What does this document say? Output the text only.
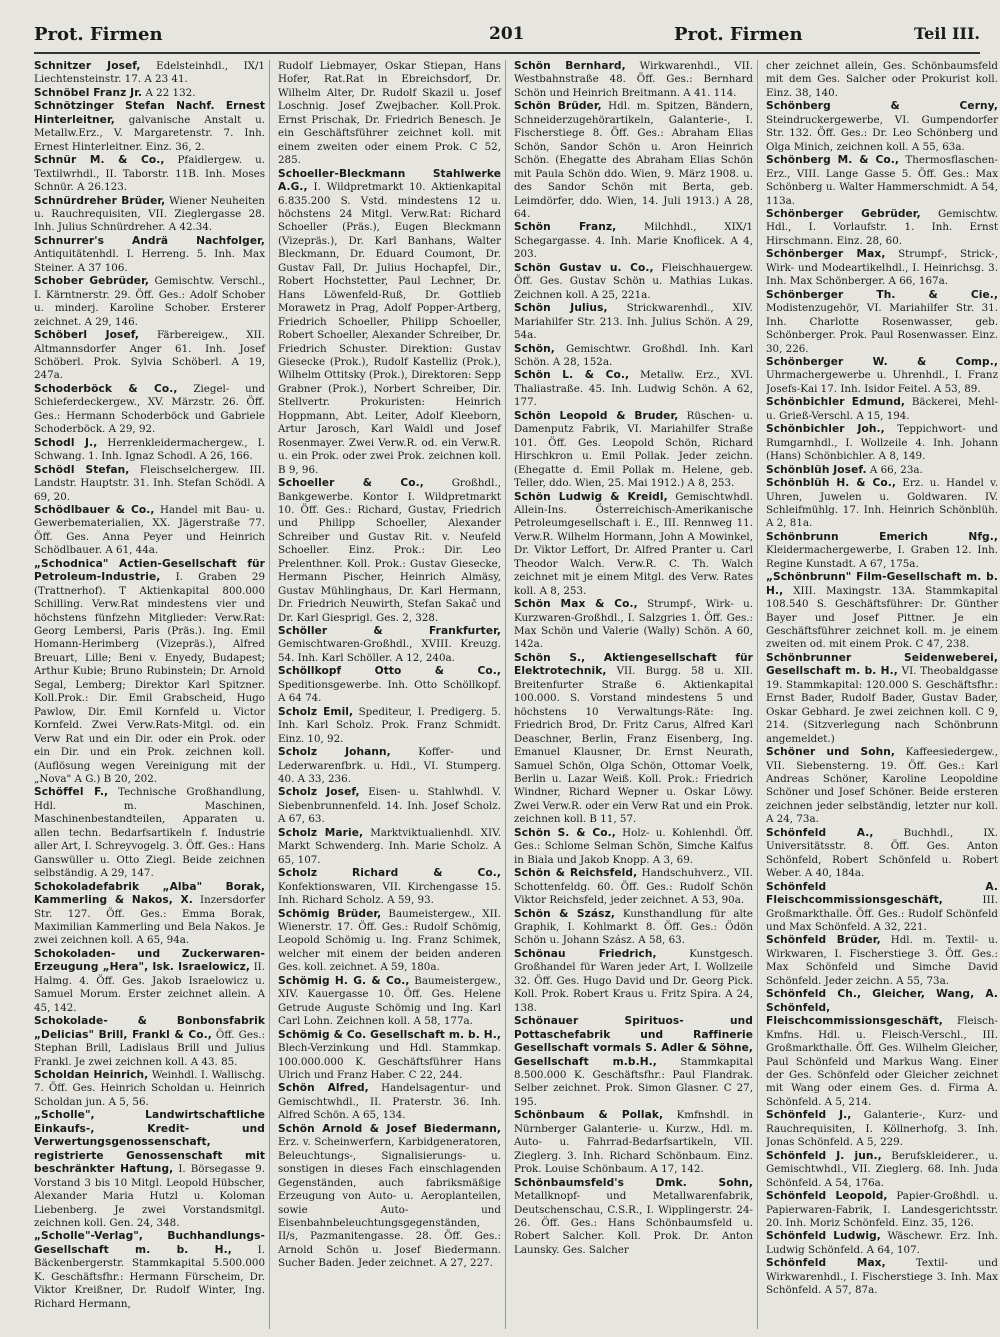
Prot. Firmen	201	Prot. Firmen	Teil III.

Schnitzer Josef, Edelsteinhdl., IX/1 Liechtensteinstr. 17. A 23 41.

Schnöbel Franz Jr. A 22 132.

Schnötzinger Stefan Nachf. Ernest Hinterleitner, galvanische Anstalt u. Metallw.Erz., V. Margaretenstr. 7. Inh. Ernest Hinterleitner. Einz. 36, 2.

Schnür M. & Co., Pfaidlergew. u. Textilwrhdl., II. Taborstr. 11B. Inh. Moses Schnür. A 26.123.

Schnürdreher Brüder, Wiener Neuheiten u. Rauchrequisiten, VII. Zieglergasse 28. Inh. Julius Schnürdreher. A 42.34.

Schnurrer's Andrä Nachfolger, Antiquitätenhdl. I. Herreng. 5. Inh. Max Steiner. A 37 106.

Schober Gebrüder, Gemischtw. Verschl., I. Kärntnerstr. 29. Öff. Ges.: Adolf Schober u. minderj. Karoline Schober. Ersterer zeichnet. A 29, 146.

Schöberl Josef, Färbereigew., XII. Altmannsdorfer Anger 61. Inh. Josef Schöberl. Prok. Sylvia Schöberl. A 19, 247a.

Schoderböck & Co., Ziegel- und Schieferdeckergew., XV. Märzstr. 26. Öff. Ges.: Hermann Schoderböck und Gabriele Schoderböck. A 29, 92.

Schodl J., Herrenkleidermachergew., I. Schwang. 1. Inh. Ignaz Schodl. A 26, 166.

Schödl Stefan, Fleischselchergew. III. Landstr. Hauptstr. 31. Inh. Stefan Schödl. A 69, 20.

Schödlbauer & Co., Handel mit Bau- u. Gewerbematerialien, XX. Jägerstraße 77. Öff. Ges. Anna Peyer und Heinrich Schödlbauer. A 61, 44a.

„Schodnica" Actien-Gesellschaft für Petroleum-Industrie, I. Graben 29 (Trattnerhof). T Aktienkapital 800.000 Schilling. Verw.Rat mindestens vier und höchstens fünfzehn Mitglieder: Verw.Rat: Georg Lembersi, Paris (Präs.). Ing. Emil Homann-Herimberg (Vizepräs.), Alfred Breuart, Lille; Beni v. Enyedy, Budapest; Arthur Kubie; Bruno Rubinstein; Dr. Arnold Segal, Lemberg; Direktor Karl Spitzner. Koll.Prok.: Dir. Emil Grabscheid, Hugo Pawlow, Dir. Emil Kornfeld u. Victor Kornfeld. Zwei Verw.Rats-Mitgl. od. ein Verw Rat und ein Dir. oder ein Prok. oder ein Dir. und ein Prok. zeichnen koll. (Auflösung wegen Vereinigung mit der „Nova" A G.) B 20, 202.

Schöffel F., Technische Großhandlung, Hdl. m. Maschinen, Maschinenbestandteilen, Apparaten u. allen techn. Bedarfsartikeln f. Industrie aller Art, I. Schreyvogelg. 3. Öff. Ges.: Hans Ganswüller u. Otto Ziegl. Beide zeichnen selbständig. A 29, 147.

Schokoladefabrik „Alba" Borak, Kammerling & Nakos, X. Inzersdorfer Str. 127. Öff. Ges.: Emma Borak, Maximilian Kammerling und Bela Nakos. Je zwei zeichnen koll. A 65, 94a.

Schokoladen- und Zuckerwaren-Erzeugung „Hera", Isk. Israelowicz, II. Halmg. 4. Öff. Ges. Jakob Israelowicz u. Samuel Morum. Erster zeichnet allein. A 45, 142.

Schokolade- & Bonbonsfabrik „Delicias" Brill, Frankl & Co., Öff. Ges.: Stephan Brill, Ladislaus Brill und Julius Frankl. Je zwei zeichnen koll. A 43. 85.

Scholdan Heinrich, Weinhdl. I. Wallischg. 7. Öff. Ges. Heinrich Scholdan u. Heinrich Scholdan jun. A 5, 56.

„Scholle", Landwirtschaftliche Einkaufs-, Kredit- und Verwertungsgenossenschaft, registrierte Genossenschaft mit beschränkter Haftung, I. Börsegasse 9. Vorstand 3 bis 10 Mitgl. Leopold Hübscher, Alexander Maria Hutzl u. Koloman Liebenberg. Je zwei Vorstandsmitgl. zeichnen koll. Gen. 24, 348.

„Scholle"-Verlag", Buchhandlungs-Gesellschaft m. b. H.,	I. Bäckenbergerstr. Stammkapital 5.500.000 K. Geschäftsfhr.: Hermann Fürscheim, Dr. Viktor Kreißner, Dr. Rudolf Winter, Ing. Richard Hermann,

Rudolf Liebmayer, Oskar Stiepan, Hans Hofer, Rat.Rat in Ebreichsdorf, Dr. Wilhelm Alter, Dr. Rudolf Skazil u. Josef Loschnig. Josef Zwejbacher. Koll.Prok. Ernst Prischak, Dr. Friedrich Benesch. Je ein Geschäftsführer zeichnet koll. mit einem zweiten oder einem Prok. C 52, 285.

Schoeller-Bleckmann Stahlwerke A.G., I. Wildpretmarkt 10. Aktienkapital 6.835.200 S. Vstd. mindestens 12 u. höchstens 24 Mitgl. Verw.Rat: Richard Schoeller (Präs.), Eugen Bleckmann (Vizepräs.), Dr. Karl Banhans, Walter Bleckmann, Dr. Eduard Coumont, Dr. Gustav Fall, Dr. Julius Hochapfel, Dir., Robert Hochstetter, Paul Lechner, Dr. Hans Löwenfeld-Ruß, Dr. Gottlieb Morawetz in Prag, Adolf Popper-Artberg, Friedrich Schoeller, Philipp Schoeller, Robert Schoeller, Alexander Schreiber, Dr. Friedrich Schuster. Direktion: Gustav Giesecke (Prok.), Rudolf Kastelliz (Prok.), Wilhelm Ottitsky (Prok.), Direktoren: Sepp Grabner (Prok.), Norbert Schreiber, Dir. Stellvertr. Prokuristen: Heinrich Hoppmann, Abt. Leiter, Adolf Kleeborn, Artur Jarosch, Karl Waldl und Josef Rosenmayer. Zwei Verw.R. od. ein Verw.R. u. ein Prok. oder zwei Prok. zeichnen koll. B 9, 96.

Schoeller & Co.,	Großhdl., Bankgewerbe. Kontor I. Wildpretmarkt 10. Öff. Ges.: Richard, Gustav, Friedrich und Philipp Schoeller, Alexander Schreiber und Gustav Rit. v. Neufeld Schoeller. Einz. Prok.: Dir. Leo Prelenthner. Koll. Prok.: Gustav Giesecke, Hermann Pischer, Heinrich Almäsy, Gustav Mühlinghaus, Dr. Karl Hermann, Dr. Friedrich Neuwirth, Stefan Sakač und Dr. Karl Giesprigl. Ges. 2, 328.

Schöller & Frankfurter, Gemischtwaren-Großhdl., XVIII. Kreuzg. 54. Inh. Karl Schöller. A 12, 240a.

Schöllkopf Otto & Co., Speditionsgewerbe. Inh. Otto Schöllkopf. A 64 74.

Scholz Emil, Spediteur, I. Predigerg. 5. Inh. Karl Scholz. Prok. Franz Schmidt. Einz. 10, 92.

Scholz Johann,	Koffer- und Lederwarenfbrk. u. Hdl., VI. Stumperg. 40. A 33, 236.

Scholz Josef, Eisen- u. Stahlwhdl. V. Siebenbrunnenfeld. 14. Inh. Josef Scholz. A 67, 63.

Scholz Marie, Marktviktualienhdl. XIV. Markt Schwenderg. Inh. Marie Scholz. A 65, 107.

Scholz Richard & Co., Konfektionswaren, VII. Kirchengasse 15. Inh. Richard Scholz. A 59, 93.

Schömig Brüder, Baumeistergew., XII. Wienerstr. 17. Öff. Ges.: Rudolf Schömig, Leopold Schömig u. Ing. Franz Schimek, welcher mit einem der beiden anderen Ges. koll. zeichnet. A 59, 180a.

Schömig H. G. & Co., Baumeistergew., XIV. Kauergasse 10. Öff. Ges. Helene Getrude Auguste Schömig und Ing. Karl Carl Lohn. Zeichnen koll. A 58, 177a.

Schömig & Co. Gesellschaft m. b. H., Blech-Verzinkung und Hdl. Stammkap. 100.000.000 K. Geschäftsführer Hans Ulrich und Franz Haber. C 22, 244.

Schön Alfred, Handelsagentur- und Gemischtwhdl., II. Praterstr. 36. Inh. Alfred Schön. A 65, 134.

Schön Arnold & Josef Biedermann, Erz. v. Scheinwerfern, Karbidgeneratoren, Beleuchtungs-, Signalisierungs- u. sonstigen in dieses Fach einschlagenden Gegenständen, auch fabriksmäßige Erzeugung von Auto- u. Aeroplanteilen, sowie Auto- und Eisenbahnbeleuchtungsgegenständen, II/s, Pazmanitengasse. 28. Öff. Ges.: Arnold Schön u. Josef Biedermann. Sucher Baden. Jeder zeichnet. A 27, 227.

Schön Bernhard, Wirkwarenhdl., VII. Westbahnstraße 48. Öff. Ges.: Bernhard Schön und Heinrich Breitmann. A 41. 114.

Schön Brüder, Hdl. m. Spitzen, Bändern, Schneiderzugehörartikeln, Galanterie-, I. Fischerstiege 8. Öff. Ges.: Abraham Elias Schön, Sandor Schön u. Aron Heinrich Schön. (Ehegatte des Abraham Elias Schön mit Paula Schön ddo. Wien, 9. März 1908. u. des Sandor Schön mit Berta, geb. Leimdörfer, ddo. Wien, 14. Juli 1913.) A 28, 64.

Schön Franz,	Milchhdl., XIX/1 Schegargasse. 4. Inh. Marie Knoflicek. A 4, 203.

Schön Gustav u. Co., Fleischhauergew. Öff. Ges. Gustav Schön u. Mathias Lukas. Zeichnen koll. A 25, 221a.

Schön Julius, Strickwarenhdl., XIV. Mariahilfer Str. 213. Inh. Julius Schön. A 29, 54a.

Schön, Gemischtwr. Großhdl. Inh. Karl Schön. A 28, 152a.

Schön L. & Co., Metallw. Erz., XVI. Thaliastraße. 45. Inh. Ludwig Schön. A 62, 177.

Schön Leopold & Bruder, Rüschen- u. Damenputz Fabrik, VI. Mariahilfer Straße 101. Öff. Ges. Leopold Schön, Richard Hirschkron u. Emil Pollak. Jeder zeichn. (Ehegatte d. Emil Pollak m. Helene, geb. Teller, ddo. Wien, 25. Mai 1912.) A 8, 253.

Schön Ludwig & Kreidl, Gemischtwhdl. Allein-Ins. Österreichisch-Amerikanische Petroleumgesellschaft i. E., III. Rennweg 11. Verw.R. Wilhelm Hormann, John A Mowinkel, Dr. Viktor Leffort, Dr. Alfred Pranter u. Carl Theodor Walch. Verw.R. C. Th. Walch zeichnet mit je einem Mitgl. des Verw. Rates koll. A 8, 253.

Schön Max & Co., Strumpf-, Wirk- u. Kurzwaren-Großhdl., I. Salzgries 1. Öff. Ges.: Max Schön und Valerie (Wally) Schön. A 60, 142a.

Schön S., Aktiengesellschaft für Elektrotechnik, VII. Burgg. 58 u. XII. Breitenfurter Straße 6. Aktienkapital 100.000. S. Vorstand mindestens 5 und höchstens 10 Verwaltungs-Räte: Ing. Friedrich Brod, Dr. Fritz Carus, Alfred Karl Deaschner, Berlin, Franz Eisenberg, Ing. Emanuel Klausner, Dr. Ernst Neurath, Samuel Schön, Olga Schön, Ottomar Voelk, Berlin u. Lazar Weiß. Koll. Prok.: Friedrich Windner, Richard Wepner u. Oskar Löwy. Zwei Verw.R. oder ein Verw Rat und ein Prok. zeichnen koll. B 11, 57.

Schön S. & Co., Holz- u. Kohlenhdl. Öff. Ges.: Schlome Selman Schön, Simche Kalfus in Biala und Jakob Knopp. A 3, 69.

Schön & Reichsfeld, Handschuhverz., VII. Schottenfeldg. 60. Öff. Ges.: Rudolf Schön Viktor Reichsfeld, jeder zeichnet. A 53, 90a.

Schön & Szász, Kunsthandlung für alte Graphik, I. Kohlmarkt 8. Öff. Ges.: Ödön Schön u. Johann Szász. A 58, 63.

Schönau Friedrich,	Kunstgesch. Großhandel für Waren jeder Art, I. Wollzeile 32. Öff. Ges. Hugo David und Dr. Georg Pick. Koll. Prok. Robert Kraus u. Fritz Spira. A 24, 138.

Schönauer Spirituos- und Pottaschefabrik und Raffinerie Gesellschaft vormals S. Adler & Söhne, Gesellschaft m.b.H., Stammkapital 8.500.000 K. Geschäftsfhr.: Paul Flandrak. Selber zeichnet. Prok. Simon Glasner. C 27, 195.

Schönbaum & Pollak, Kmfnshdl. in Nürnberger Galanterie- u. Kurzw., Hdl. m. Auto- u. Fahrrad-Bedarfsartikeln, VII. Zieglerg. 3. Inh. Richard Schönbaum. Einz. Prok. Louise Schönbaum. A 17, 142.

Schönbaumsfeld's Dmk. Sohn, Metallknopf- und Metallwarenfabrik, Deutschenschau, C.S.R., I. Wipplingerstr. 24-26. Öff. Ges.: Hans Schönbaumsfeld u. Robert Salcher. Koll. Prok. Dr. Anton Launsky. Ges. Salcher

cher zeichnet allein, Ges. Schönbaumsfeld mit dem Ges. Salcher oder Prokurist koll. Einz. 38, 140.

Schönberg & Cerny, Steindruckergewerbe, VI. Gumpendorfer Str. 132. Öff. Ges.: Dr. Leo Schönberg und Olga Minich, zeichnen koll. A 55, 63a.

Schönberg M. & Co., Thermosflaschen-Erz., VIII. Lange Gasse 5. Öff. Ges.: Max Schönberg u. Walter Hammerschmidt. A 54, 113a.

Schönberger Gebrüder, Gemischtw. Hdl., I. Vorlaufstr. 1. Inh. Ernst Hirschmann. Einz. 28, 60.

Schönberger Max, Strumpf-, Strick-, Wirk- und Modeartikelhdl., I. Heinrichsg. 3. Inh. Max Schönberger. A 66, 167a.

Schönberger Th. & Cie., Modistenzugehör, VI. Mariahilfer Str. 31. Inh. Charlotte Rosenwasser, geb. Schönberger. Prok. Paul Rosenwasser. Einz. 30, 226.

Schönberger W. & Comp., Uhrmachergewerbe u. Uhrenhdl., I. Franz Josefs-Kai 17. Inh. Isidor Feitel. A 53, 89.

Schönbichler Edmund, Bäckerei, Mehl- u. Grieß-Verschl. A 15, 194.

Schönbichler Joh., Teppichwort- und Rumgarnhdl., I. Wollzeile 4. Inh. Johann (Hans) Schönbichler. A 8, 149.

Schönblüh Josef. A 66, 23a.

Schönblüh H. & Co., Erz. u. Handel v. Uhren, Juwelen u. Goldwaren. IV. Schleifmühlg. 17. Inh. Heinrich Schönblüh. A 2, 81a.

Schönbrunn Emerich Nfg., Kleidermachergewerbe, I. Graben 12. Inh. Regine Kunstadt. A 67, 175a.

„Schönbrunn" Film-Gesellschaft m. b. H., XIII. Maxingstr. 13A. Stammkapital 108.540 S. Geschäftsführer: Dr. Günther Bayer und Josef Pittner. Je ein Geschäftsführer zeichnet koll. m. je einem zweiten od. mit einem Prok. C 47, 238.

Schönbrunner Seidenweberei, Gesellschaft m. b. H., VI. Theobaldgasse 19. Stammkapital: 120.000 S. Geschäftsfhr.: Ernst Bader, Rudolf Bader, Gustav Bader, Oskar Gebhard. Je zwei zeichnen koll. C 9, 214. (Sitzverlegung nach Schönbrunn angemeldet.)

Schöner und Sohn, Kaffeesiedergew., VII. Siebensterng. 19. Öff. Ges.: Karl Andreas Schöner, Karoline Leopoldine Schöner und Josef Schöner. Beide ersteren zeichnen jeder selbständig, letzter nur koll. A 24, 73a.

Schönfeld A.,	Buchhdl., IX. Universitätsstr. 8. Öff. Ges. Anton Schönfeld, Robert Schönfeld u. Robert Weber. A 40, 184a.

Schönfeld A. Fleischcommissionsgeschäft,	III. Großmarkthalle. Öff. Ges.: Rudolf Schönfeld und Max Schönfeld. A 32, 221.

Schönfeld Brüder, Hdl. m. Textil- u. Wirkwaren, I. Fischerstiege 3. Öff. Ges.: Max Schönfeld und Simche David Schönfeld. Jeder zeichn. A 55, 73a.

Schönfeld Ch., Gleicher, Wang, A. Schönfeld, Fleischcommissionsgeschäft, Fleisch-Kmfns. Hdl. u. Fleisch-Verschl., III. Großmarkthalle. Öff. Ges. Wilhelm Gleicher, Paul Schönfeld und Markus Wang. Einer der Ges. Schönfeld oder Gleicher zeichnet mit Wang oder einem Ges. d. Firma A. Schönfeld. A 5, 214.

Schönfeld J., Galanterie-, Kurz- und Rauchrequisiten, I. Köllnerhofg. 3. Inh. Jonas Schönfeld. A 5, 229.

Schönfeld J. jun., Berufskleiderer., u. Gemischtwhdl., VII. Zieglerg. 68. Inh. Juda Schönfeld. A 54, 176a.

Schönfeld Leopold, Papier-Großhdl. u. Papierwaren-Fabrik, I. Landesgerichtsstr. 20. Inh. Moriz Schönfeld. Einz. 35, 126.

Schönfeld Ludwig, Wäschewr. Erz. Inh. Ludwig Schönfeld. A 64, 107.

Schönfeld Max,	Textil- und Wirkwarenhdl., I. Fischerstiege 3. Inh. Max Schönfeld. A 57, 87a.
